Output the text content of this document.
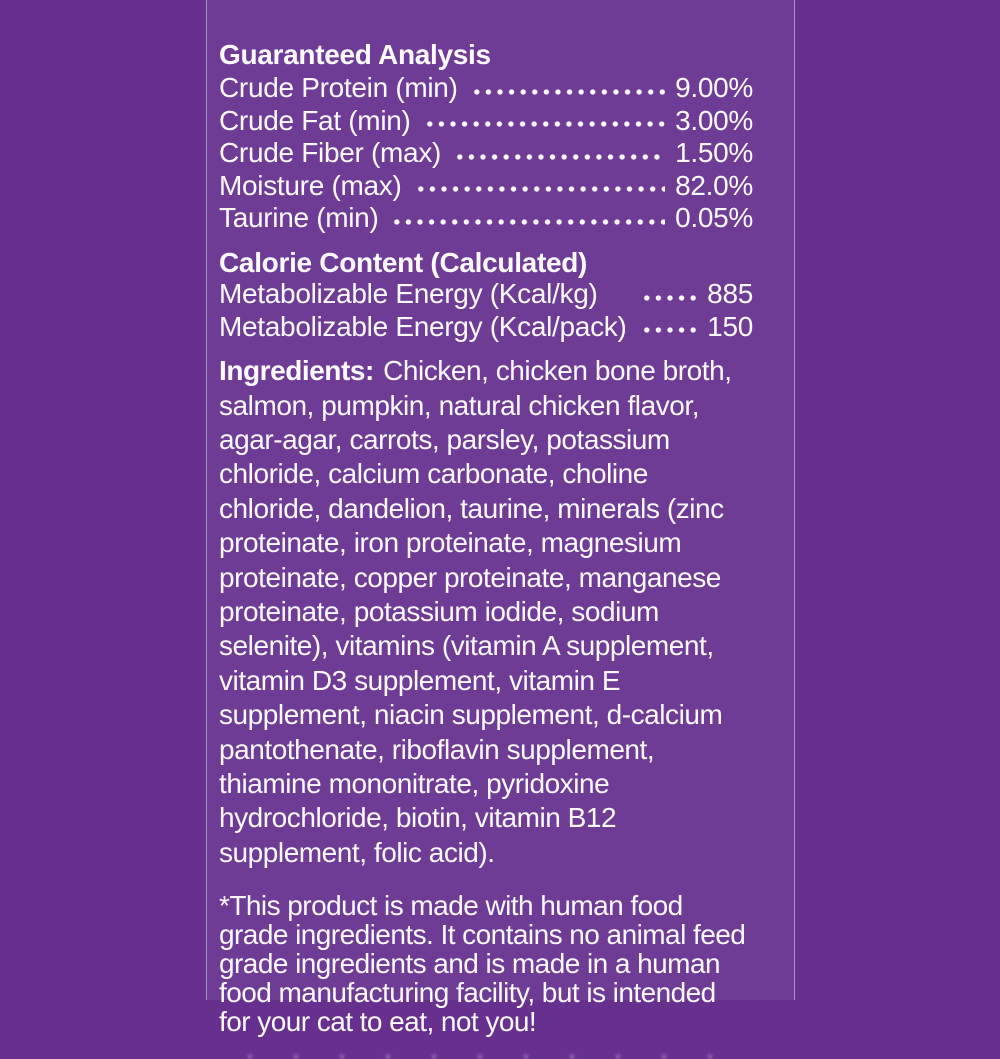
Guaranteed Analysis
Crude Protein (min)	9.00%
Crude Fat (min)	3.00%
Crude Fiber (max)	1.50%
Moisture (max)	82.0%
Taurine (min)	0.05%
Calorie Content (Calculated)
Metabolizable Energy (Kcal/kg)	885
Metabolizable Energy (Kcal/pack)	150

Ingredients: Chicken, chicken bone broth, salmon, pumpkin, natural chicken flavor, agar-agar, carrots, parsley, potassium chloride, calcium carbonate, choline chloride, dandelion, taurine, minerals (zinc proteinate, iron proteinate, magnesium proteinate, copper proteinate, manganese proteinate, potassium iodide, sodium selenite), vitamins (vitamin A supplement, vitamin D3 supplement, vitamin E supplement, niacin supplement, d-calcium pantothenate, riboflavin supplement, thiamine mononitrate, pyridoxine hydrochloride, biotin, vitamin B12 supplement, folic acid).

*This product is made with human food grade ingredients. It contains no animal feed grade ingredients and is made in a human food manufacturing facility, but is intended for your cat to eat, not you!
